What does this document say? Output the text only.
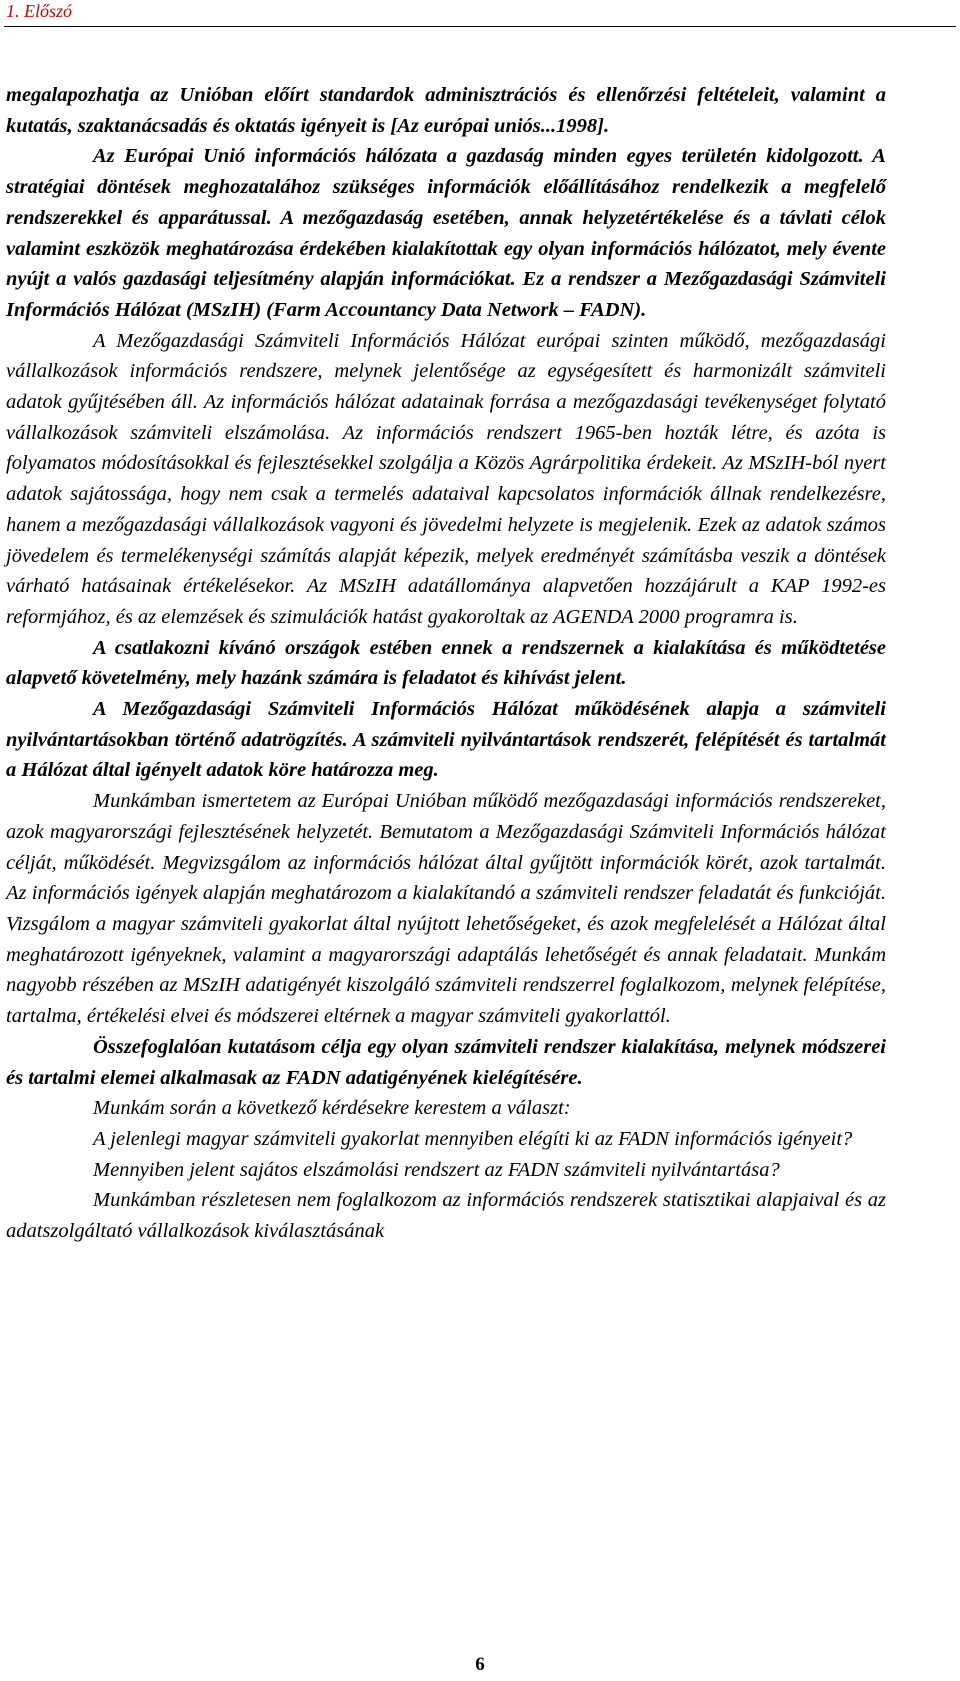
1. Előszó

megalapozhatja az Unióban előírt standardok adminisztrációs és ellenőrzési feltételeit, valamint a kutatás, szaktanácsadás és oktatás igényeit is [Az európai uniós...1998].

Az Európai Unió információs hálózata a gazdaság minden egyes területén kidolgozott. A stratégiai döntések meghozatalához szükséges információk előállításához rendelkezik a megfelelő rendszerekkel és apparátussal. A mezőgazdaság esetében, annak helyzetértékelése és a távlati célok valamint eszközök meghatározása érdekében kialakítottak egy olyan információs hálózatot, mely évente nyújt a valós gazdasági teljesítmény alapján információkat. Ez a rendszer a Mezőgazdasági Számviteli Információs Hálózat (MSzIH) (Farm Accountancy Data Network – FADN).

A Mezőgazdasági Számviteli Információs Hálózat európai szinten működő, mezőgazdasági vállalkozások információs rendszere, melynek jelentősége az egységesített és harmonizált számviteli adatok gyűjtésében áll. Az információs hálózat adatainak forrása a mezőgazdasági tevékenységet folytató vállalkozások számviteli elszámolása. Az információs rendszert 1965-ben hozták létre, és azóta is folyamatos módosításokkal és fejlesztésekkel szolgálja a Közös Agrárpolitika érdekeit. Az MSzIH-ból nyert adatok sajátossága, hogy nem csak a termelés adataival kapcsolatos információk állnak rendelkezésre, hanem a mezőgazdasági vállalkozások vagyoni és jövedelmi helyzete is megjelenik. Ezek az adatok számos jövedelem és termelékenységi számítás alapját képezik, melyek eredményét számításba veszik a döntések várható hatásainak értékelésekor. Az MSzIH adatállománya alapvetően hozzájárult a KAP 1992-es reformjához, és az elemzések és szimulációk hatást gyakoroltak az AGENDA 2000 programra is.

A csatlakozni kívánó országok estében ennek a rendszernek a kialakítása és működtetése alapvető követelmény, mely hazánk számára is feladatot és kihívást jelent.

A Mezőgazdasági Számviteli Információs Hálózat működésének alapja a számviteli nyilvántartásokban történő adatrögzítés. A számviteli nyilvántartások rendszerét, felépítését és tartalmát a Hálózat által igényelt adatok köre határozza meg.

Munkámban ismertetem az Európai Unióban működő mezőgazdasági információs rendszereket, azok magyarországi fejlesztésének helyzetét. Bemutatom a Mezőgazdasági Számviteli Információs hálózat célját, működését. Megvizsgálom az információs hálózat által gyűjtött információk körét, azok tartalmát. Az információs igények alapján meghatározom a kialakítandó a számviteli rendszer feladatát és funkcióját. Vizsgálom a magyar számviteli gyakorlat által nyújtott lehetőségeket, és azok megfelelését a Hálózat által meghatározott igényeknek, valamint a magyarországi adaptálás lehetőségét és annak feladatait. Munkám nagyobb részében az MSzIH adatigényét kiszolgáló számviteli rendszerrel foglalkozom, melynek felépítése, tartalma, értékelési elvei és módszerei eltérnek a magyar számviteli gyakorlattól.

Összefoglalóan kutatásom célja egy olyan számviteli rendszer kialakítása, melynek módszerei és tartalmi elemei alkalmasak az FADN adatigényének kielégítésére.

Munkám során a következő kérdésekre kerestem a választ:

A jelenlegi magyar számviteli gyakorlat mennyiben elégíti ki az FADN információs igényeit?

Mennyiben jelent sajátos elszámolási rendszert az FADN számviteli nyilvántartása?

Munkámban részletesen nem foglalkozom az információs rendszerek statisztikai alapjaival és az adatszolgáltató vállalkozások kiválasztásának

6
